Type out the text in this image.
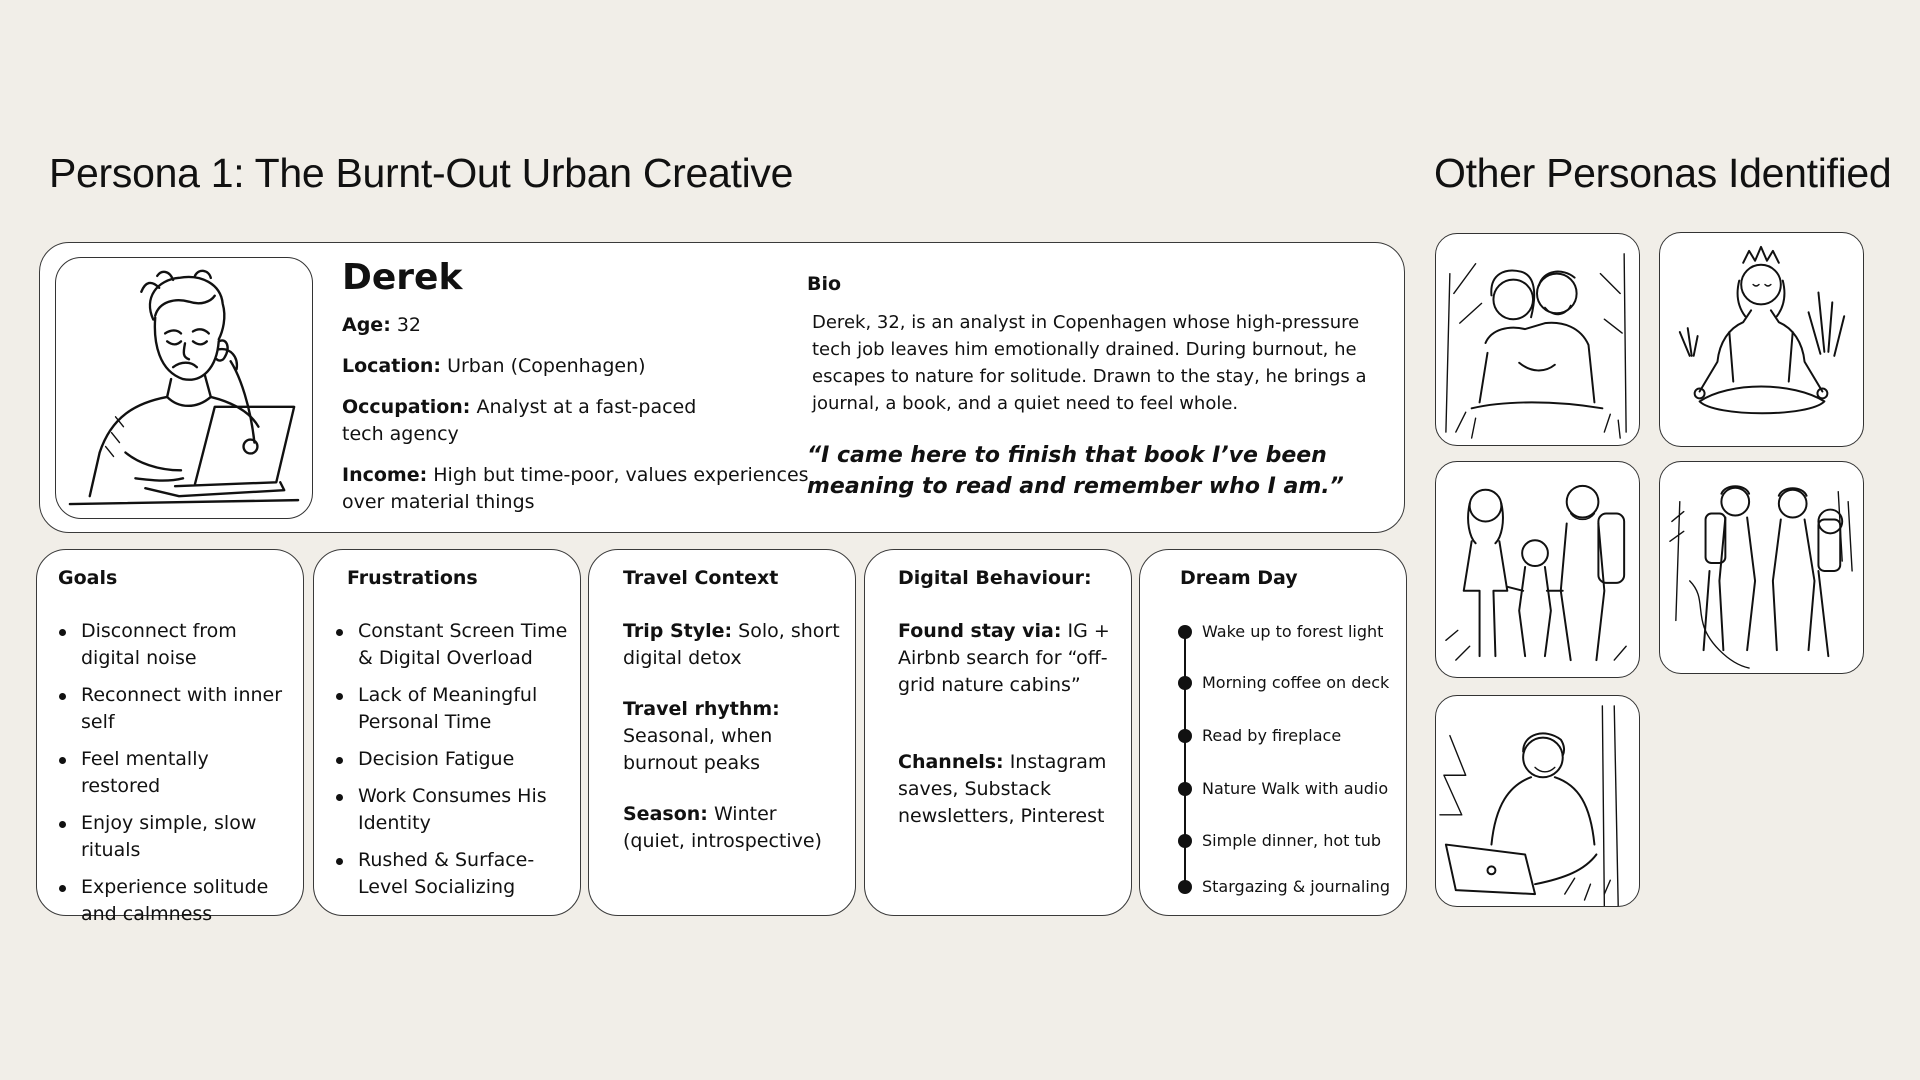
Persona 1: The Burnt-Out Urban Creative	Other Personas Identified
Derek
Age: 32
Location: Urban (Copenhagen)
Occupation: Analyst at a fast-paced tech agency
Income: High but time-poor, values experiences over material things
Bio
Derek, 32, is an analyst in Copenhagen whose high-pressure tech job leaves him emotionally drained. During burnout, he escapes to nature for solitude. Drawn to the stay, he brings a journal, a book, and a quiet need to feel whole.
“I came here to finish that book I’ve been meaning to read and remember who I am.”
Goals
Disconnect from digital noise
Reconnect with inner self
Feel mentally restored
Enjoy simple, slow rituals
Experience solitude and calmness
Frustrations
Constant Screen Time & Digital Overload
Lack of Meaningful Personal Time
Decision Fatigue
Work Consumes His Identity
Rushed & Surface-Level Socializing
Travel Context
Trip Style: Solo, short digital detox
Travel rhythm: Seasonal, when burnout peaks
Season: Winter (quiet, introspective)
Digital Behaviour:
Found stay via: IG + Airbnb search for “off-grid nature cabins”
Channels: Instagram saves, Substack newsletters, Pinterest
Dream Day
Wake up to forest light
Morning coffee on deck
Read by fireplace
Nature Walk with audio
Simple dinner, hot tub
Stargazing & journaling
